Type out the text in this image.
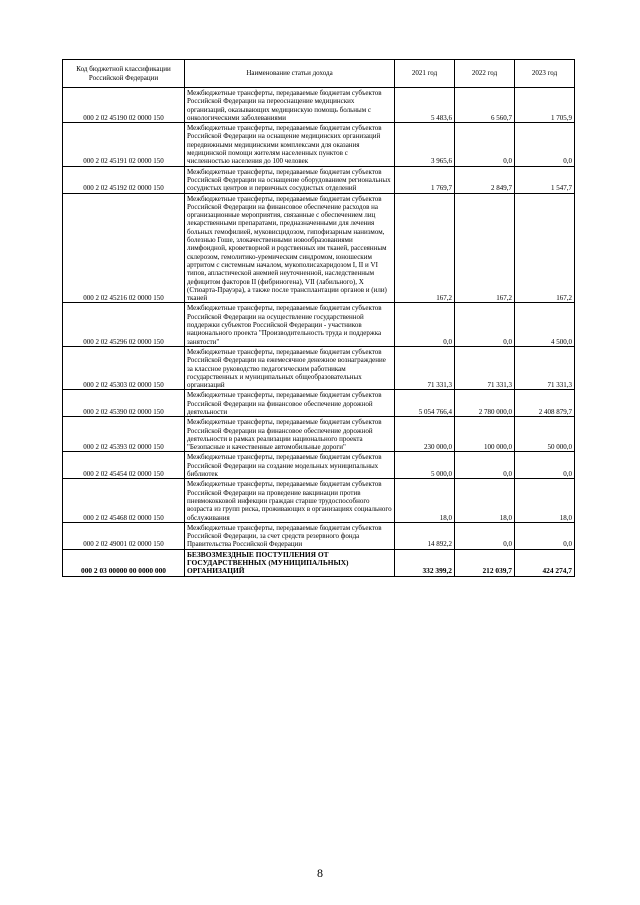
Код бюджетной классификации Российской Федерации	Наименование статьи дохода	2021 год	2022 год	2023 год
000 2 02 45190 02 0000 150	Межбюджетные трансферты, передаваемые бюджетам субъектов Российской Федерации на переоснащение медицинских организаций, оказывающих медицинскую помощь больным с онкологическими заболеваниями	5 483,6	6 560,7	1 705,9
000 2 02 45191 02 0000 150	Межбюджетные трансферты, передаваемые бюджетам субъектов Российской Федерации на оснащение медицинских организаций передвижными медицинскими комплексами для оказания медицинской помощи жителям населенных пунктов с численностью населения до 100 человек	3 965,6	0,0	0,0
000 2 02 45192 02 0000 150	Межбюджетные трансферты, передаваемые бюджетам субъектов Российской Федерации на оснащение оборудованием региональных сосудистых центров и первичных сосудистых отделений	1 769,7	2 849,7	1 547,7
000 2 02 45216 02 0000 150	Межбюджетные трансферты, передаваемые бюджетам субъектов Российской Федерации на финансовое обеспечение расходов на организационные мероприятия, связанные с обеспечением лиц лекарственными препаратами, предназначенными для лечения больных гемофилией, муковисцидозом, гипофизарным нанизмом, болезнью Гоше, злокачественными новообразованиями лимфоидной, кроветворной и родственных им тканей, рассеянным склерозом, гемолитико-уремическим синдромом, юношеским артритом с системным началом, мукополисахаридозом I, II и VI типов, апластической анемией неуточненной, наследственным дефицитом факторов II (фибриногена), VII (лабильного), X (Стюарта-Прауэра), а также после трансплантации органов и (или) тканей	167,2	167,2	167,2
000 2 02 45296 02 0000 150	Межбюджетные трансферты, передаваемые бюджетам субъектов Российской Федерации на осуществление государственной поддержки субъектов Российской Федерации - участников национального проекта "Производительность труда и поддержка занятости"	0,0	0,0	4 500,0
000 2 02 45303 02 0000 150	Межбюджетные трансферты, передаваемые бюджетам субъектов Российской Федерации на ежемесячное денежное вознаграждение за классное руководство педагогическим работникам государственных и муниципальных общеобразовательных организаций	71 331,3	71 331,3	71 331,3
000 2 02 45390 02 0000 150	Межбюджетные трансферты, передаваемые бюджетам субъектов Российской Федерации на финансовое обеспечение дорожной деятельности	5 054 766,4	2 780 000,0	2 408 879,7
000 2 02 45393 02 0000 150	Межбюджетные трансферты, передаваемые бюджетам субъектов Российской Федерации на финансовое обеспечение дорожной деятельности в рамках реализации национального проекта "Безопасные и качественные автомобильные дороги"	230 000,0	100 000,0	50 000,0
000 2 02 45454 02 0000 150	Межбюджетные трансферты, передаваемые бюджетам субъектов Российской Федерации на создание модельных муниципальных библиотек	5 000,0	0,0	0,0
000 2 02 45468 02 0000 150	Межбюджетные трансферты, передаваемые бюджетам субъектов Российской Федерации на проведение вакцинации против пневмококковой инфекции граждан старше трудоспособного возраста из групп риска, проживающих в организациях социального обслуживания	18,0	18,0	18,0
000 2 02 49001 02 0000 150	Межбюджетные трансферты, передаваемые бюджетам субъектов Российской Федерации, за счет средств резервного фонда Правительства Российской Федерации	14 892,2	0,0	0,0
000 2 03 00000 00 0000 000	БЕЗВОЗМЕЗДНЫЕ ПОСТУПЛЕНИЯ ОТ ГОСУДАРСТВЕННЫХ (МУНИЦИПАЛЬНЫХ) ОРГАНИЗАЦИЙ	332 399,2	212 039,7	424 274,7
8
